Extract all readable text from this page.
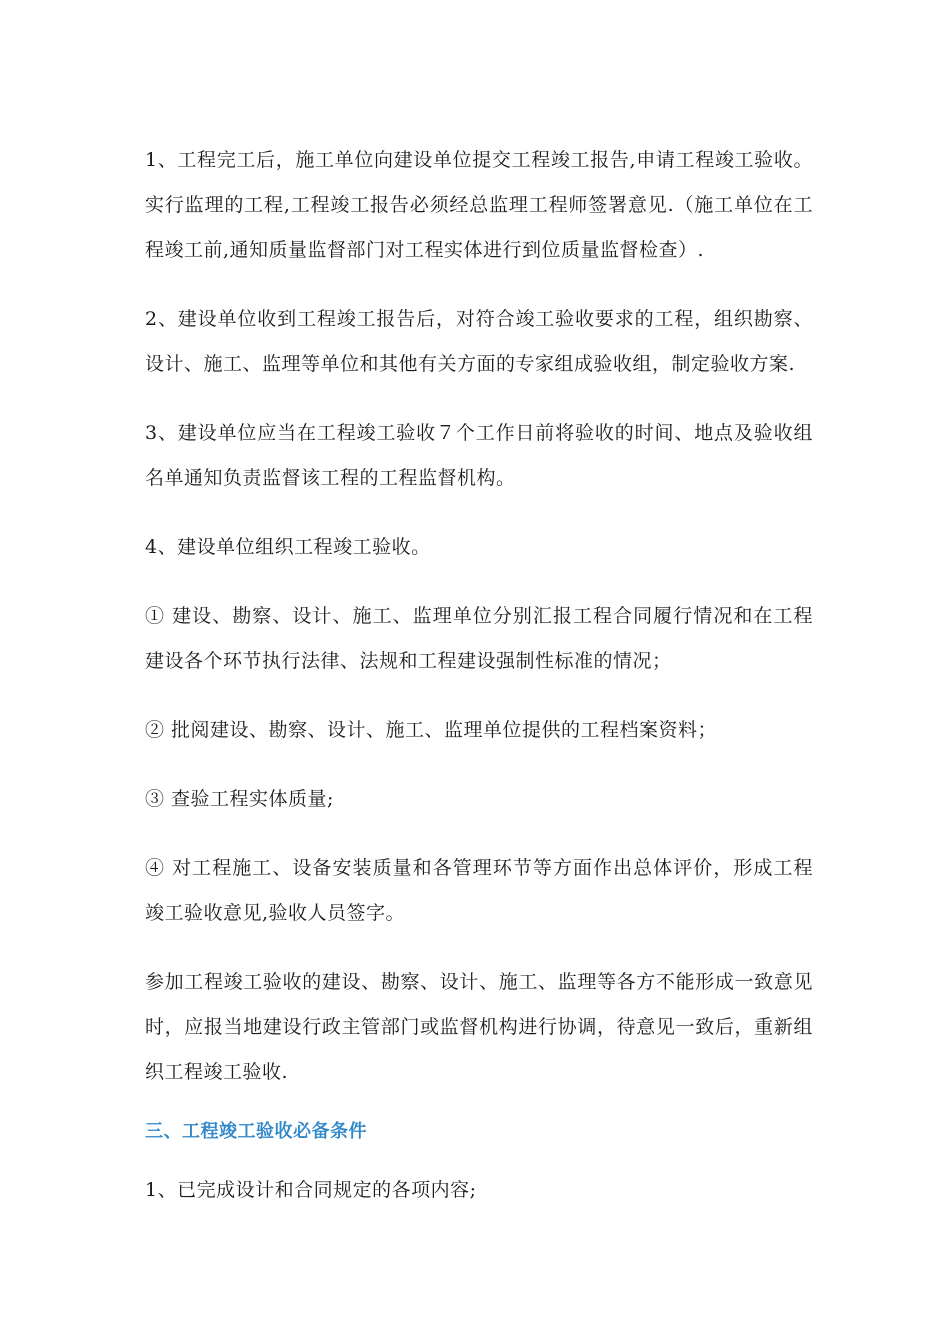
1、工程完工后，施工单位向建设单位提交工程竣工报告,申请工程竣工验收。实行监理的工程,工程竣工报告必须经总监理工程师签署意见.（施工单位在工程竣工前,通知质量监督部门对工程实体进行到位质量监督检查）.

2、建设单位收到工程竣工报告后，对符合竣工验收要求的工程，组织勘察、设计、施工、监理等单位和其他有关方面的专家组成验收组，制定验收方案.

3、建设单位应当在工程竣工验收７个工作日前将验收的时间、地点及验收组名单通知负责监督该工程的工程监督机构。

4、建设单位组织工程竣工验收。

① 建设、勘察、设计、施工、监理单位分别汇报工程合同履行情况和在工程建设各个环节执行法律、法规和工程建设强制性标准的情况；

② 批阅建设、勘察、设计、施工、监理单位提供的工程档案资料；

③ 查验工程实体质量;

④ 对工程施工、设备安装质量和各管理环节等方面作出总体评价，形成工程竣工验收意见,验收人员签字。

参加工程竣工验收的建设、勘察、设计、施工、监理等各方不能形成一致意见时，应报当地建设行政主管部门或监督机构进行协调，待意见一致后，重新组织工程竣工验收.

三、工程竣工验收必备条件

1、已完成设计和合同规定的各项内容;
